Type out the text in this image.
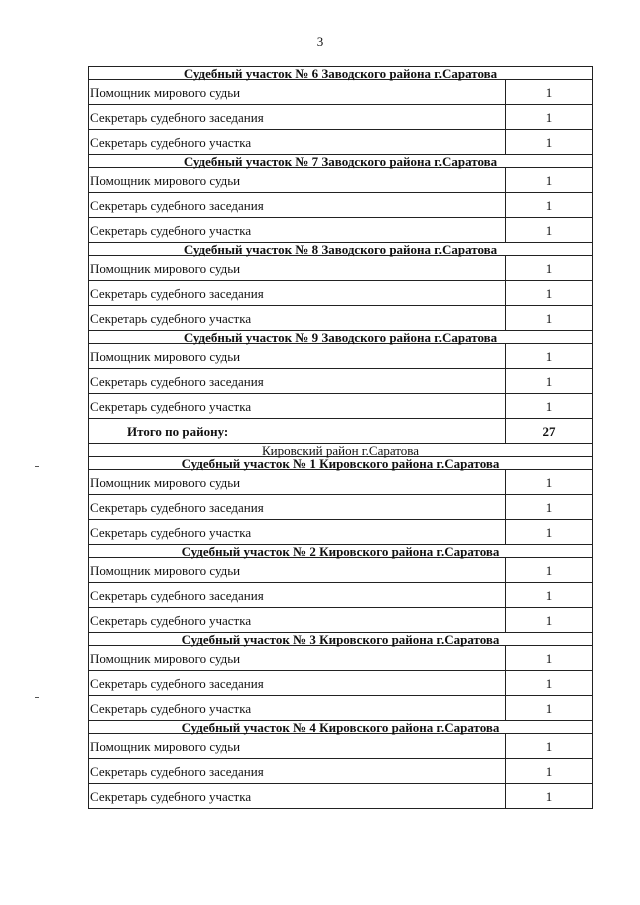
3
Судебный участок № 6 Заводского района г.Саратова
Помощник мирового судьи	1
Секретарь судебного заседания	1
Секретарь судебного участка	1
Судебный участок № 7 Заводского района г.Саратова
Помощник мирового судьи	1
Секретарь судебного заседания	1
Секретарь судебного участка	1
Судебный участок № 8 Заводского района г.Саратова
Помощник мирового судьи	1
Секретарь судебного заседания	1
Секретарь судебного участка	1
Судебный участок № 9 Заводского района г.Саратова
Помощник мирового судьи	1
Секретарь судебного заседания	1
Секретарь судебного участка	1
Итого по району:	27
Кировский район г.Саратова
Судебный участок № 1 Кировского района г.Саратова
Помощник мирового судьи	1
Секретарь судебного заседания	1
Секретарь судебного участка	1
Судебный участок № 2 Кировского района г.Саратова
Помощник мирового судьи	1
Секретарь судебного заседания	1
Секретарь судебного участка	1
Судебный участок № 3 Кировского района г.Саратова
Помощник мирового судьи	1
Секретарь судебного заседания	1
Секретарь судебного участка	1
Судебный участок № 4 Кировского района г.Саратова
Помощник мирового судьи	1
Секретарь судебного заседания	1
Секретарь судебного участка	1
